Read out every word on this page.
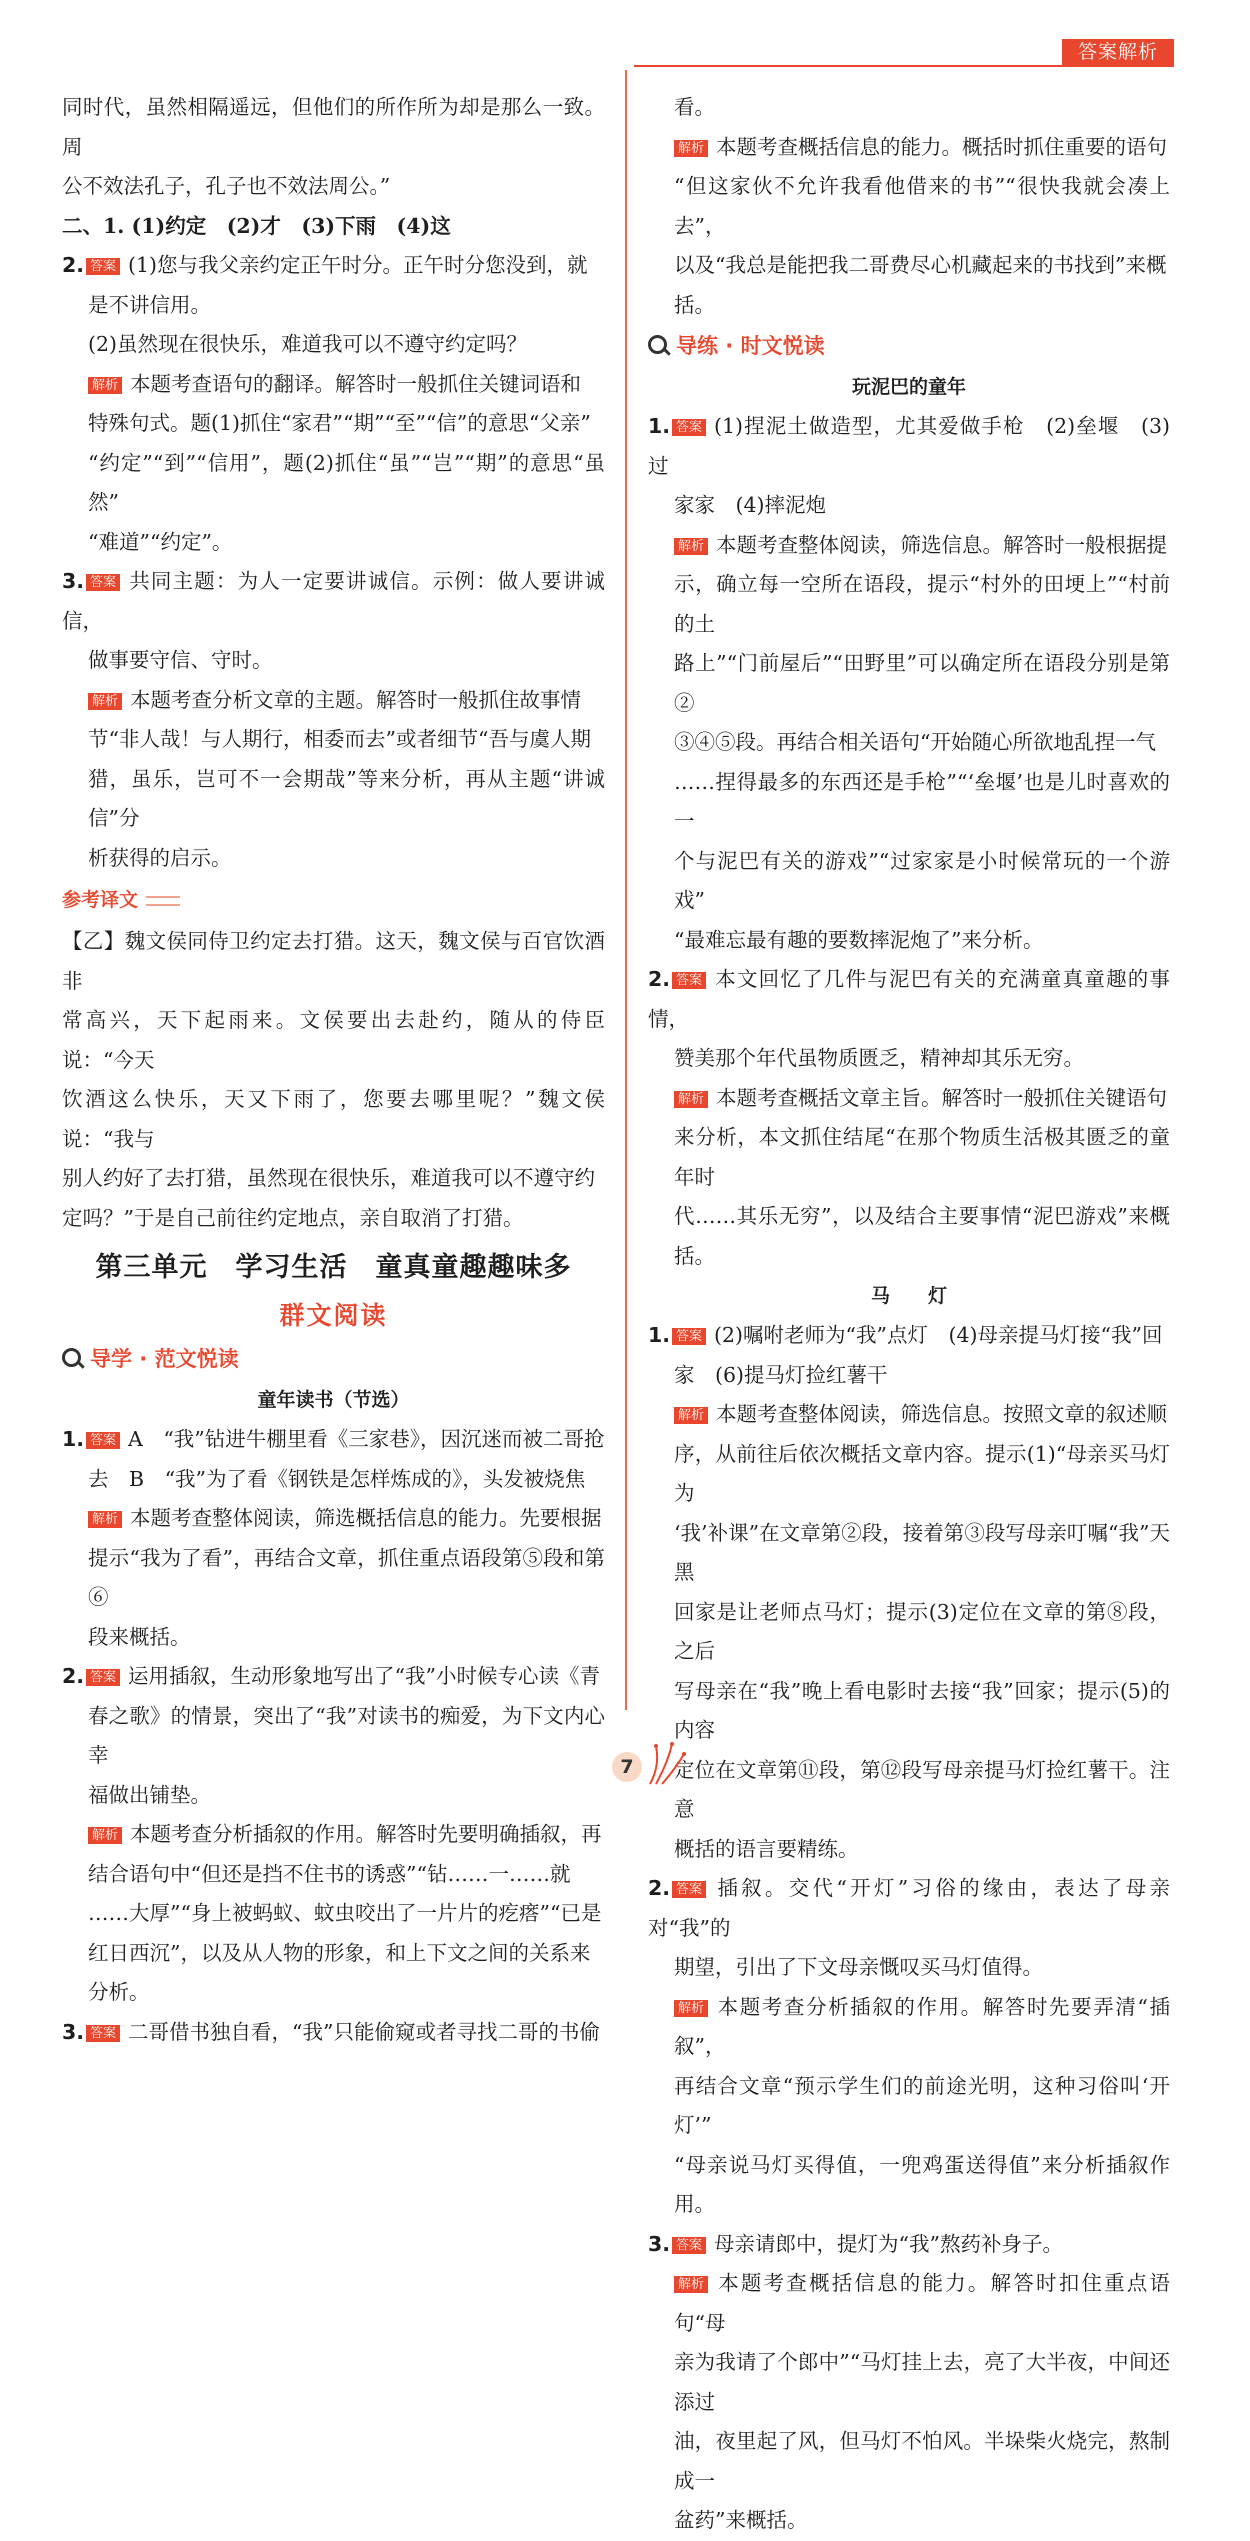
答案解析

同时代，虽然相隔遥远，但他们的所作所为却是那么一致。周

公不效法孔子，孔子也不效法周公。”

二、1. (1)约定　(2)才　(3)下雨　(4)这

2. 答案 (1)您与我父亲约定正午时分。正午时分您没到，就

是不讲信用。

(2)虽然现在很快乐，难道我可以不遵守约定吗？

解析 本题考查语句的翻译。解答时一般抓住关键词语和

特殊句式。题(1)抓住“家君”“期”“至”“信”的意思“父亲”

“约定”“到”“信用”，题(2)抓住“虽”“岂”“期”的意思“虽然”

“难道”“约定”。

3. 答案 共同主题：为人一定要讲诚信。示例：做人要讲诚信，

做事要守信、守时。

解析 本题考查分析文章的主题。解答时一般抓住故事情

节“非人哉！与人期行，相委而去”或者细节“吾与虞人期

猎，虽乐，岂可不一会期哉”等来分析，再从主题“讲诚信”分

析获得的启示。

参考译文

【乙】魏文侯同侍卫约定去打猎。这天，魏文侯与百官饮酒非

常高兴，天下起雨来。文侯要出去赴约，随从的侍臣说：“今天

饮酒这么快乐，天又下雨了，您要去哪里呢？”魏文侯说：“我与

别人约好了去打猎，虽然现在很快乐，难道我可以不遵守约

定吗？”于是自己前往约定地点，亲自取消了打猎。

第三单元　学习生活　童真童趣趣味多
群文阅读
导学 · 范文悦读
童年读书（节选）

1. 答案 A　“我”钻进牛棚里看《三家巷》，因沉迷而被二哥抢

去　B　“我”为了看《钢铁是怎样炼成的》，头发被烧焦

解析 本题考查整体阅读，筛选概括信息的能力。先要根据

提示“我为了看”，再结合文章，抓住重点语段第⑤段和第⑥

段来概括。

2. 答案 运用插叙，生动形象地写出了“我”小时候专心读《青

春之歌》的情景，突出了“我”对读书的痴爱，为下文内心幸

福做出铺垫。

解析 本题考查分析插叙的作用。解答时先要明确插叙，再

结合语句中“但还是挡不住书的诱惑”“钻……一……就

……大厚”“身上被蚂蚁、蚊虫咬出了一片片的疙瘩”“已是

红日西沉”，以及从人物的形象，和上下文之间的关系来

分析。

3. 答案 二哥借书独自看，“我”只能偷窥或者寻找二哥的书偷

看。

解析 本题考查概括信息的能力。概括时抓住重要的语句

“但这家伙不允许我看他借来的书”“很快我就会凑上去”，

以及“我总是能把我二哥费尽心机藏起来的书找到”来概

括。

导练 · 时文悦读
玩泥巴的童年

1. 答案 (1)捏泥土做造型，尤其爱做手枪　(2)垒堰　(3)过

家家　(4)摔泥炮

解析 本题考查整体阅读，筛选信息。解答时一般根据提

示，确立每一空所在语段，提示“村外的田埂上”“村前的土

路上”“门前屋后”“田野里”可以确定所在语段分别是第②

③④⑤段。再结合相关语句“开始随心所欲地乱捏一气

……捏得最多的东西还是手枪”“‘垒堰’也是儿时喜欢的一

个与泥巴有关的游戏”“过家家是小时候常玩的一个游戏”

“最难忘最有趣的要数摔泥炮了”来分析。

2. 答案 本文回忆了几件与泥巴有关的充满童真童趣的事情，

赞美那个年代虽物质匮乏，精神却其乐无穷。

解析 本题考查概括文章主旨。解答时一般抓住关键语句

来分析，本文抓住结尾“在那个物质生活极其匮乏的童年时

代……其乐无穷”，以及结合主要事情“泥巴游戏”来概括。

马　　灯

1. 答案 (2)嘱咐老师为“我”点灯　(4)母亲提马灯接“我”回

家　(6)提马灯捡红薯干

解析 本题考查整体阅读，筛选信息。按照文章的叙述顺

序，从前往后依次概括文章内容。提示(1)“母亲买马灯为

‘我’补课”在文章第②段，接着第③段写母亲叮嘱“我”天黑

回家是让老师点马灯；提示(3)定位在文章的第⑧段，之后

写母亲在“我”晚上看电影时去接“我”回家；提示(5)的内容

定位在文章第⑪段，第⑫段写母亲提马灯捡红薯干。注意

概括的语言要精练。

2. 答案 插叙。交代“开灯”习俗的缘由，表达了母亲对“我”的

期望，引出了下文母亲慨叹买马灯值得。

解析 本题考查分析插叙的作用。解答时先要弄清“插叙”，

再结合文章“预示学生们的前途光明，这种习俗叫‘开灯’”

“母亲说马灯买得值，一兜鸡蛋送得值”来分析插叙作用。

3. 答案 母亲请郎中，提灯为“我”熬药补身子。

解析 本题考查概括信息的能力。解答时扣住重点语句“母

亲为我请了个郎中”“马灯挂上去，亮了大半夜，中间还添过

油，夜里起了风，但马灯不怕风。半垛柴火烧完，熬制成一

盆药”来概括。

7
